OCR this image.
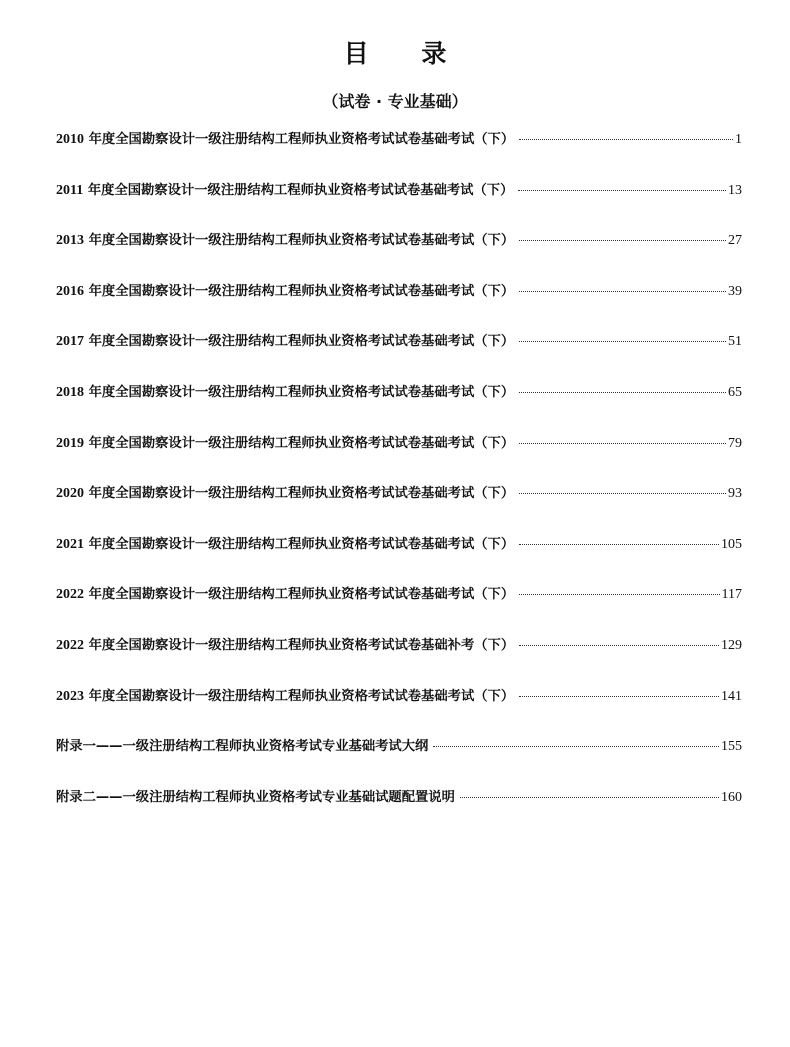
目 录
（试卷 · 专业基础）
2010 年度全国勘察设计一级注册结构工程师执业资格考试试卷基础考试（下）	1
2011 年度全国勘察设计一级注册结构工程师执业资格考试试卷基础考试（下）	13
2013 年度全国勘察设计一级注册结构工程师执业资格考试试卷基础考试（下）	27
2016 年度全国勘察设计一级注册结构工程师执业资格考试试卷基础考试（下）	39
2017 年度全国勘察设计一级注册结构工程师执业资格考试试卷基础考试（下）	51
2018 年度全国勘察设计一级注册结构工程师执业资格考试试卷基础考试（下）	65
2019 年度全国勘察设计一级注册结构工程师执业资格考试试卷基础考试（下）	79
2020 年度全国勘察设计一级注册结构工程师执业资格考试试卷基础考试（下）	93
2021 年度全国勘察设计一级注册结构工程师执业资格考试试卷基础考试（下）	105
2022 年度全国勘察设计一级注册结构工程师执业资格考试试卷基础考试（下）	117
2022 年度全国勘察设计一级注册结构工程师执业资格考试试卷基础补考（下）	129
2023 年度全国勘察设计一级注册结构工程师执业资格考试试卷基础考试（下）	141
附录一——一级注册结构工程师执业资格考试专业基础考试大纲	155
附录二——一级注册结构工程师执业资格考试专业基础试题配置说明	160
